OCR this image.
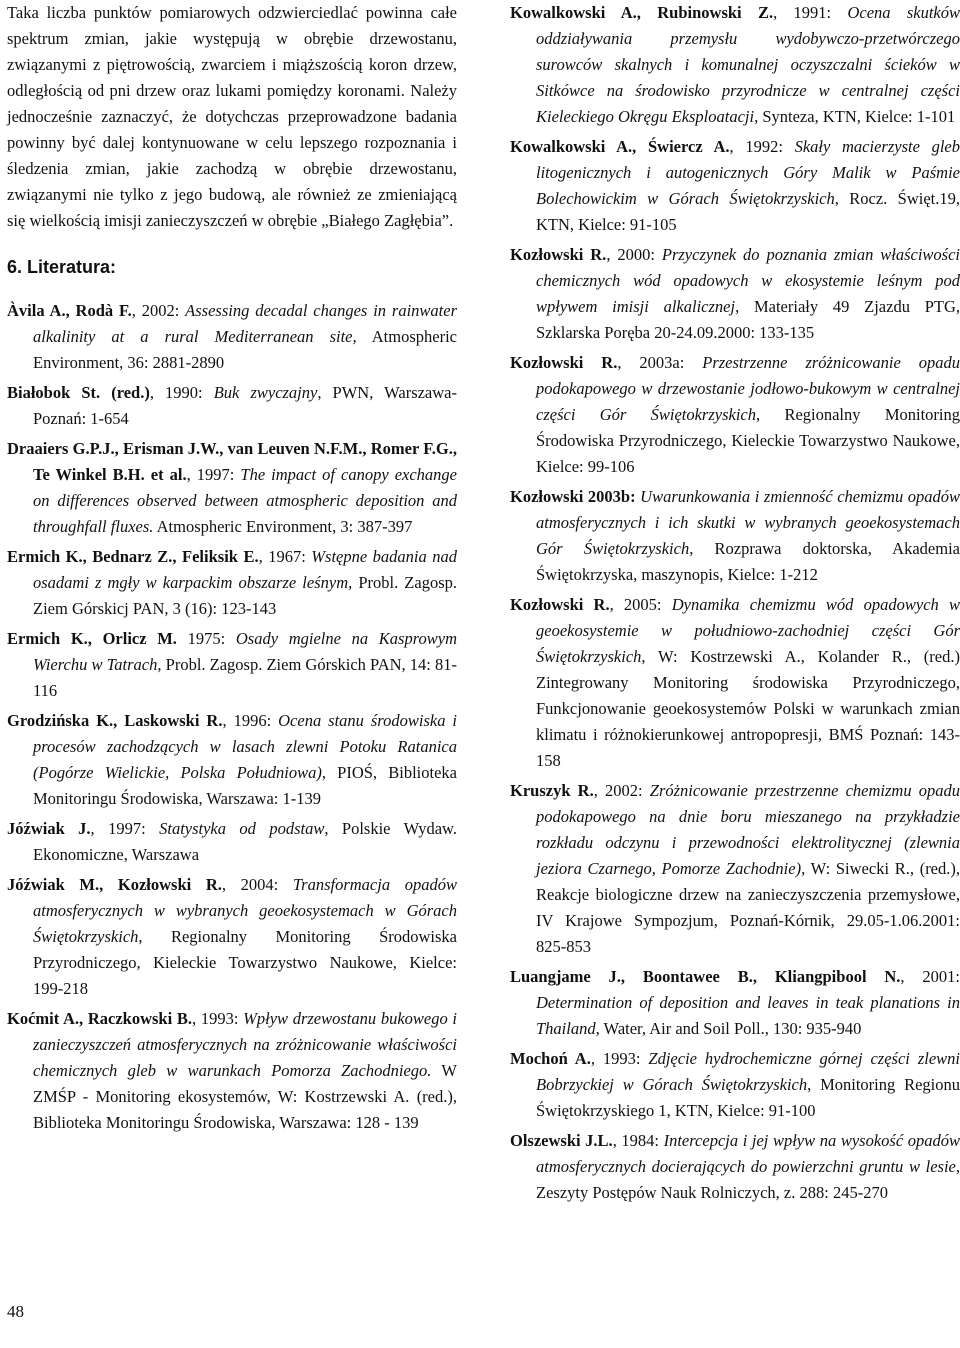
Taka liczba punktów pomiarowych odzwierciedlać powinna całe spektrum zmian, jakie występują w obrębie drzewostanu, związanymi z piętrowością, zwarciem i miąższością koron drzew, odległością od pni drzew oraz lukami pomiędzy koronami. Należy jednocześnie zaznaczyć, że dotychczas przeprowadzone badania powinny być dalej kontynuowane w celu lepszego rozpoznania i śledzenia zmian, jakie zachodzą w obrębie drzewostanu, związanymi nie tylko z jego budową, ale również ze zmieniającą się wielkością imisji zanieczyszczeń w obrębie „Białego Zagłębia”.

6. Literatura:

Àvila A., Rodà F., 2002: Assessing decadal changes in rainwater alkalinity at a rural Mediterranean site, Atmospheric Environment, 36: 2881-2890

Białobok St. (red.), 1990: Buk zwyczajny, PWN, Warszawa-Poznań: 1-654

Draaiers G.P.J., Erisman J.W., van Leuven N.F.M., Romer F.G., Te Winkel B.H. et al., 1997: The impact of canopy exchange on differences observed between atmospheric deposition and throughfall fluxes. Atmospheric Environment, 3: 387-397

Ermich K., Bednarz Z., Feliksik E., 1967: Wstępne badania nad osadami z mgły w karpackim obszarze leśnym, Probl. Zagosp. Ziem Górskicj PAN, 3 (16): 123-143

Ermich K., Orlicz M. 1975: Osady mgielne na Kasprowym Wierchu w Tatrach, Probl. Zagosp. Ziem Górskich PAN, 14: 81-116

Grodzińska K., Laskowski R., 1996: Ocena stanu środowiska i procesów zachodzących w lasach zlewni Potoku Ratanica (Pogórze Wielickie, Polska Południowa), PIOŚ, Biblioteka Monitoringu Środowiska, Warszawa: 1-139

Jóźwiak J., 1997: Statystyka od podstaw, Polskie Wydaw. Ekonomiczne, Warszawa

Jóźwiak M., Kozłowski R., 2004: Transformacja opadów atmosferycznych w wybranych geoekosystemach w Górach Świętokrzyskich, Regionalny Monitoring Środowiska Przyrodniczego, Kieleckie Towarzystwo Naukowe, Kielce: 199-218

Koćmit A., Raczkowski B., 1993: Wpływ drzewostanu bukowego i zanieczyszczeń atmosferycznych na zróżnicowanie właściwości chemicznych gleb w warunkach Pomorza Zachodniego. W ZMŚP - Monitoring ekosystemów, W: Kostrzewski A. (red.), Biblioteka Monitoringu Środowiska, Warszawa: 128 - 139

Kowalkowski A., Rubinowski Z., 1991: Ocena skutków oddziaływania przemysłu wydobywczo-przetwórczego surowców skalnych i komunalnej oczyszczalni ścieków w Sitkówce na środowisko przyrodnicze w centralnej części Kieleckiego Okręgu Eksploatacji, Synteza, KTN, Kielce: 1-101

Kowalkowski A., Świercz A., 1992: Skały macierzyste gleb litogenicznych i autogenicznych Góry Malik w Paśmie Bolechowickim w Górach Świętokrzyskich, Rocz. Święt.19, KTN, Kielce: 91-105

Kozłowski R., 2000: Przyczynek do poznania zmian właściwości chemicznych wód opadowych w ekosystemie leśnym pod wpływem imisji alkalicznej, Materiały 49 Zjazdu PTG, Szklarska Poręba 20-24.09.2000: 133-135

Kozłowski R., 2003a: Przestrzenne zróżnicowanie opadu podokapowego w drzewostanie jodłowo-bukowym w centralnej części Gór Świętokrzyskich, Regionalny Monitoring Środowiska Przyrodniczego, Kieleckie Towarzystwo Naukowe, Kielce: 99-106

Kozłowski 2003b: Uwarunkowania i zmienność chemizmu opadów atmosferycznych i ich skutki w wybranych geoekosystemach Gór Świętokrzyskich, Rozprawa doktorska, Akademia Świętokrzyska, maszynopis, Kielce: 1-212

Kozłowski R., 2005: Dynamika chemizmu wód opadowych w geoekosystemie w południowo-zachodniej części Gór Świętokrzyskich, W: Kostrzewski A., Kolander R., (red.) Zintegrowany Monitoring środowiska Przyrodniczego, Funkcjonowanie geoekosystemów Polski w warunkach zmian klimatu i różnokierunkowej antropopresji, BMŚ Poznań: 143-158

Kruszyk R., 2002: Zróżnicowanie przestrzenne chemizmu opadu podokapowego na dnie boru mieszanego na przykładzie rozkładu odczynu i przewodności elektrolitycznej (zlewnia jeziora Czarnego, Pomorze Zachodnie), W: Siwecki R., (red.), Reakcje biologiczne drzew na zanieczyszczenia przemysłowe, IV Krajowe Sympozjum, Poznań-Kórnik, 29.05-1.06.2001: 825-853

Luangjame J., Boontawee B., Kliangpibool N., 2001: Determination of deposition and leaves in teak planations in Thailand, Water, Air and Soil Poll., 130: 935-940

Mochoń A., 1993: Zdjęcie hydrochemiczne górnej części zlewni Bobrzyckiej w Górach Świętokrzyskich, Monitoring Regionu Świętokrzyskiego 1, KTN, Kielce: 91-100

Olszewski J.L., 1984: Intercepcja i jej wpływ na wysokość opadów atmosferycznych docierających do powierzchni gruntu w lesie, Zeszyty Postępów Nauk Rolniczych, z. 288: 245-270

48
